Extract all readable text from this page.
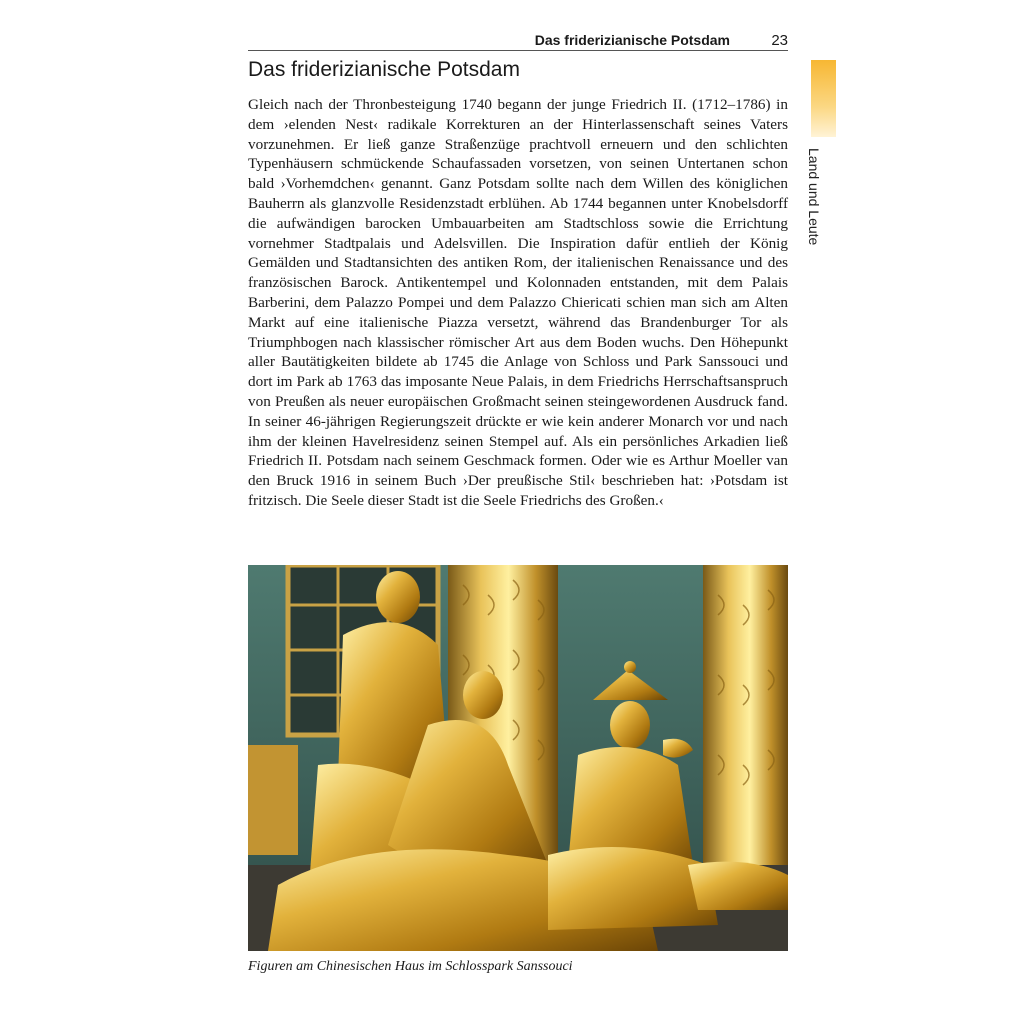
Das friderizianische Potsdam	23
Land und Leute
Das friderizianische Potsdam

Gleich nach der Thronbesteigung 1740 begann der junge Friedrich II. (1712–1786) in dem ›elenden Nest‹ radikale Korrekturen an der Hinterlassenschaft seines Vaters vorzunehmen. Er ließ ganze Straßenzüge prachtvoll erneuern und den schlichten Typenhäusern schmückende Schaufassaden vorsetzen, von seinen Untertanen schon bald ›Vorhemdchen‹ genannt. Ganz Potsdam sollte nach dem Willen des königlichen Bauherrn als glanzvolle Residenzstadt erblühen. Ab 1744 begannen unter Knobelsdorff die aufwändigen barocken Umbauarbeiten am Stadtschloss sowie die Errichtung vornehmer Stadtpalais und Adelsvillen. Die Inspiration dafür entlieh der König Gemälden und Stadtansichten des antiken Rom, der italienischen Renaissance und des französischen Barock. Antikentempel und Kolonnaden entstanden, mit dem Palais Barberini, dem Palazzo Pompei und dem Palazzo Chiericati schien man sich am Alten Markt auf eine italienische Piazza versetzt, während das Brandenburger Tor als Triumphbogen nach klassischer römischer Art aus dem Boden wuchs. Den Höhepunkt aller Bautätigkeiten bildete ab 1745 die Anlage von Schloss und Park Sanssouci und dort im Park ab 1763 das imposante Neue Palais, in dem Friedrichs Herrschaftsanspruch von Preußen als neuer europäischen Großmacht seinen steingewordenen Ausdruck fand. In seiner 46-jährigen Regierungszeit drückte er wie kein anderer Monarch vor und nach ihm der kleinen Havelresidenz seinen Stempel auf. Als ein persönliches Arkadien ließ Friedrich II. Potsdam nach seinem Geschmack formen. Oder wie es Arthur Moeller van den Bruck 1916 in seinem Buch ›Der preußische Stil‹ beschrieben hat: ›Potsdam ist fritzisch. Die Seele dieser Stadt ist die Seele Friedrichs des Großen.‹

Figuren am Chinesischen Haus im Schlosspark Sanssouci
